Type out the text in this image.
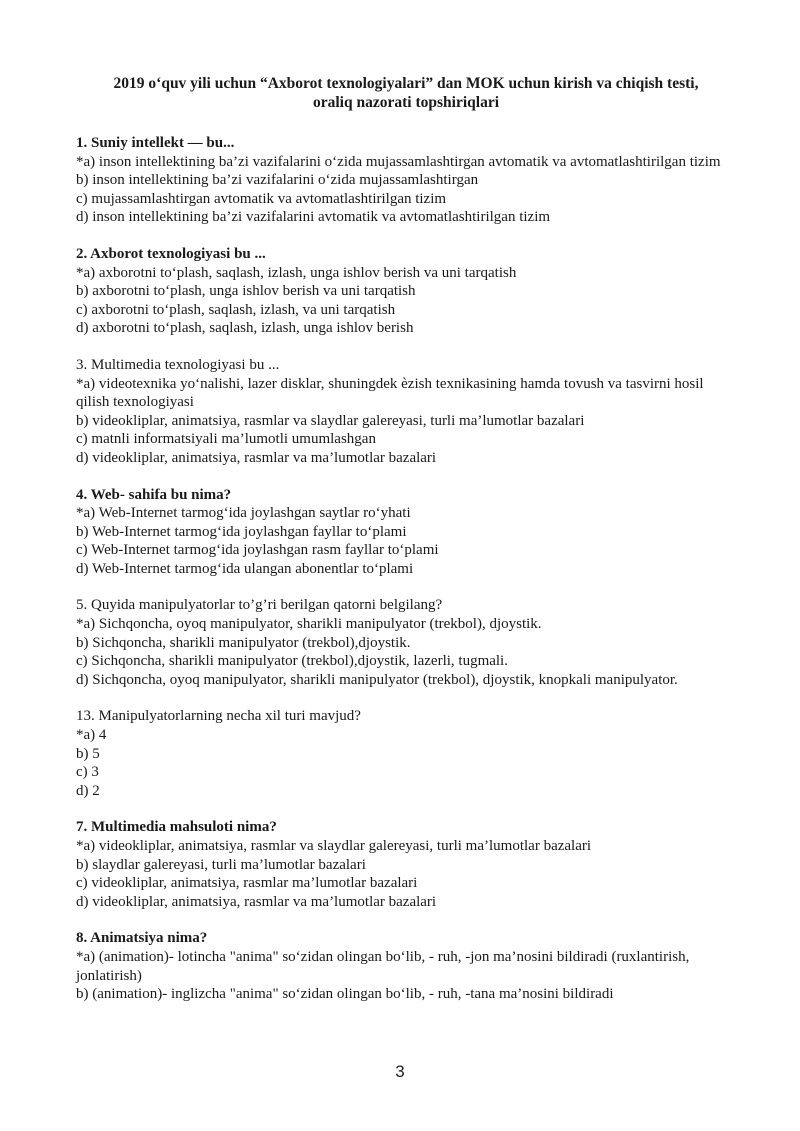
2019 o‘quv yili uchun “Axborot texnologiyalari” dan MOK uchun kirish va chiqish testi,
oraliq nazorati topshiriqlari

1. Suniy intellekt — bu...

*a) inson intellektining ba’zi vazifalarini o‘zida mujassamlashtirgan avtomatik va avtomatlashtirilgan tizim

b) inson intellektining ba’zi vazifalarini o‘zida mujassamlashtirgan

c) mujassamlashtirgan avtomatik va avtomatlashtirilgan tizim

d) inson intellektining ba’zi vazifalarini avtomatik va avtomatlashtirilgan tizim

2. Axborot texnologiyasi bu ...

*a) axborotni to‘plash, saqlash, izlash, unga ishlov berish va uni tarqatish

b) axborotni to‘plash, unga ishlov berish va uni tarqatish

c) axborotni to‘plash, saqlash, izlash, va uni tarqatish

d) axborotni to‘plash, saqlash, izlash, unga ishlov berish

3. Multimedia texnologiyasi bu ...

*a) videotexnika yo‘nalishi, lazer disklar, shuningdek ѐzish texnikasining hamda tovush va tasvirni hosil qilish texnologiyasi

b) videokliplar, animatsiya, rasmlar va slaydlar galereyasi, turli ma’lumotlar bazalari

c) matnli informatsiyali ma’lumotli umumlashgan

d) videokliplar, animatsiya, rasmlar va ma’lumotlar bazalari

4. Web- sahifa bu nima?

*a) Web-Internet tarmog‘ida joylashgan saytlar ro‘yhati

b) Web-Internet tarmog‘ida joylashgan fayllar to‘plami

c) Web-Internet tarmog‘ida joylashgan rasm fayllar to‘plami

d) Web-Internet tarmog‘ida ulangan abonentlar to‘plami

5. Quyida manipulyatorlar to’g’ri berilgan qatorni belgilang?

*a) Sichqoncha, oyoq manipulyator, sharikli manipulyator (trekbol), djoystik.

b) Sichqoncha, sharikli manipulyator (trekbol),djoystik.

c) Sichqoncha, sharikli manipulyator (trekbol),djoystik, lazerli, tugmali.

d) Sichqoncha, oyoq manipulyator, sharikli manipulyator (trekbol), djoystik, knopkali manipulyator.

13. Manipulyatorlarning necha xil turi mavjud?

*a) 4

b) 5

c) 3

d) 2

7. Multimedia mahsuloti nima?

*a) videokliplar, animatsiya, rasmlar va slaydlar galereyasi, turli ma’lumotlar bazalari

b) slaydlar galereyasi, turli ma’lumotlar bazalari

c) videokliplar, animatsiya, rasmlar ma’lumotlar bazalari

d) videokliplar, animatsiya, rasmlar va ma’lumotlar bazalari

8. Animatsiya nima?

*a) (animation)- lotincha "anima" so‘zidan olingan bo‘lib, - ruh, -jon ma’nosini bildiradi (ruxlantirish, jonlatirish)

b) (animation)- inglizcha "anima" so‘zidan olingan bo‘lib, - ruh, -tana ma’nosini bildiradi

3
